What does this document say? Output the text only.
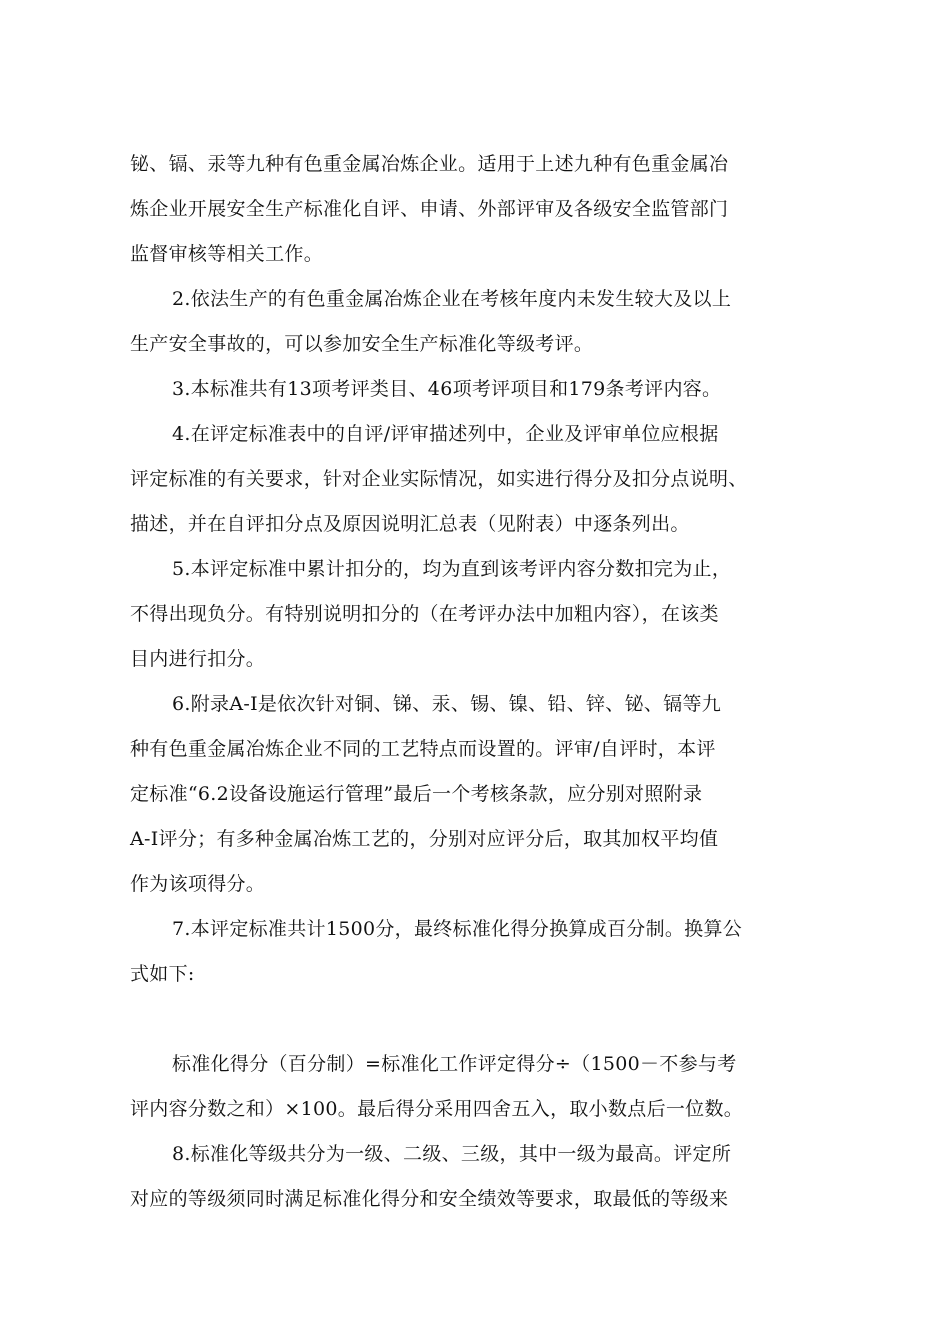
铋、镉、汞等九种有色重金属冶炼企业。适用于上述九种有色重金属冶
炼企业开展安全生产标准化自评、申请、外部评审及各级安全监管部门
监督审核等相关工作。
2.依法生产的有色重金属冶炼企业在考核年度内未发生较大及以上
生产安全事故的，可以参加安全生产标准化等级考评。
3.本标准共有13项考评类目、46项考评项目和179条考评内容。
4.在评定标准表中的自评/评审描述列中，企业及评审单位应根据
评定标准的有关要求，针对企业实际情况，如实进行得分及扣分点说明、
描述，并在自评扣分点及原因说明汇总表（见附表）中逐条列出。
5.本评定标准中累计扣分的，均为直到该考评内容分数扣完为止，
不得出现负分。有特别说明扣分的（在考评办法中加粗内容），在该类
目内进行扣分。
6.附录A-I是依次针对铜、锑、汞、锡、镍、铅、锌、铋、镉等九
种有色重金属冶炼企业不同的工艺特点而设置的。评审/自评时，本评
定标准“6.2设备设施运行管理”最后一个考核条款，应分别对照附录
A-I评分；有多种金属冶炼工艺的，分别对应评分后，取其加权平均值
作为该项得分。
7.本评定标准共计1500分，最终标准化得分换算成百分制。换算公
式如下:
标准化得分（百分制）=标准化工作评定得分÷（1500－不参与考
评内容分数之和）×100。最后得分采用四舍五入，取小数点后一位数。
8.标准化等级共分为一级、二级、三级，其中一级为最高。评定所
对应的等级须同时满足标准化得分和安全绩效等要求，取最低的等级来
